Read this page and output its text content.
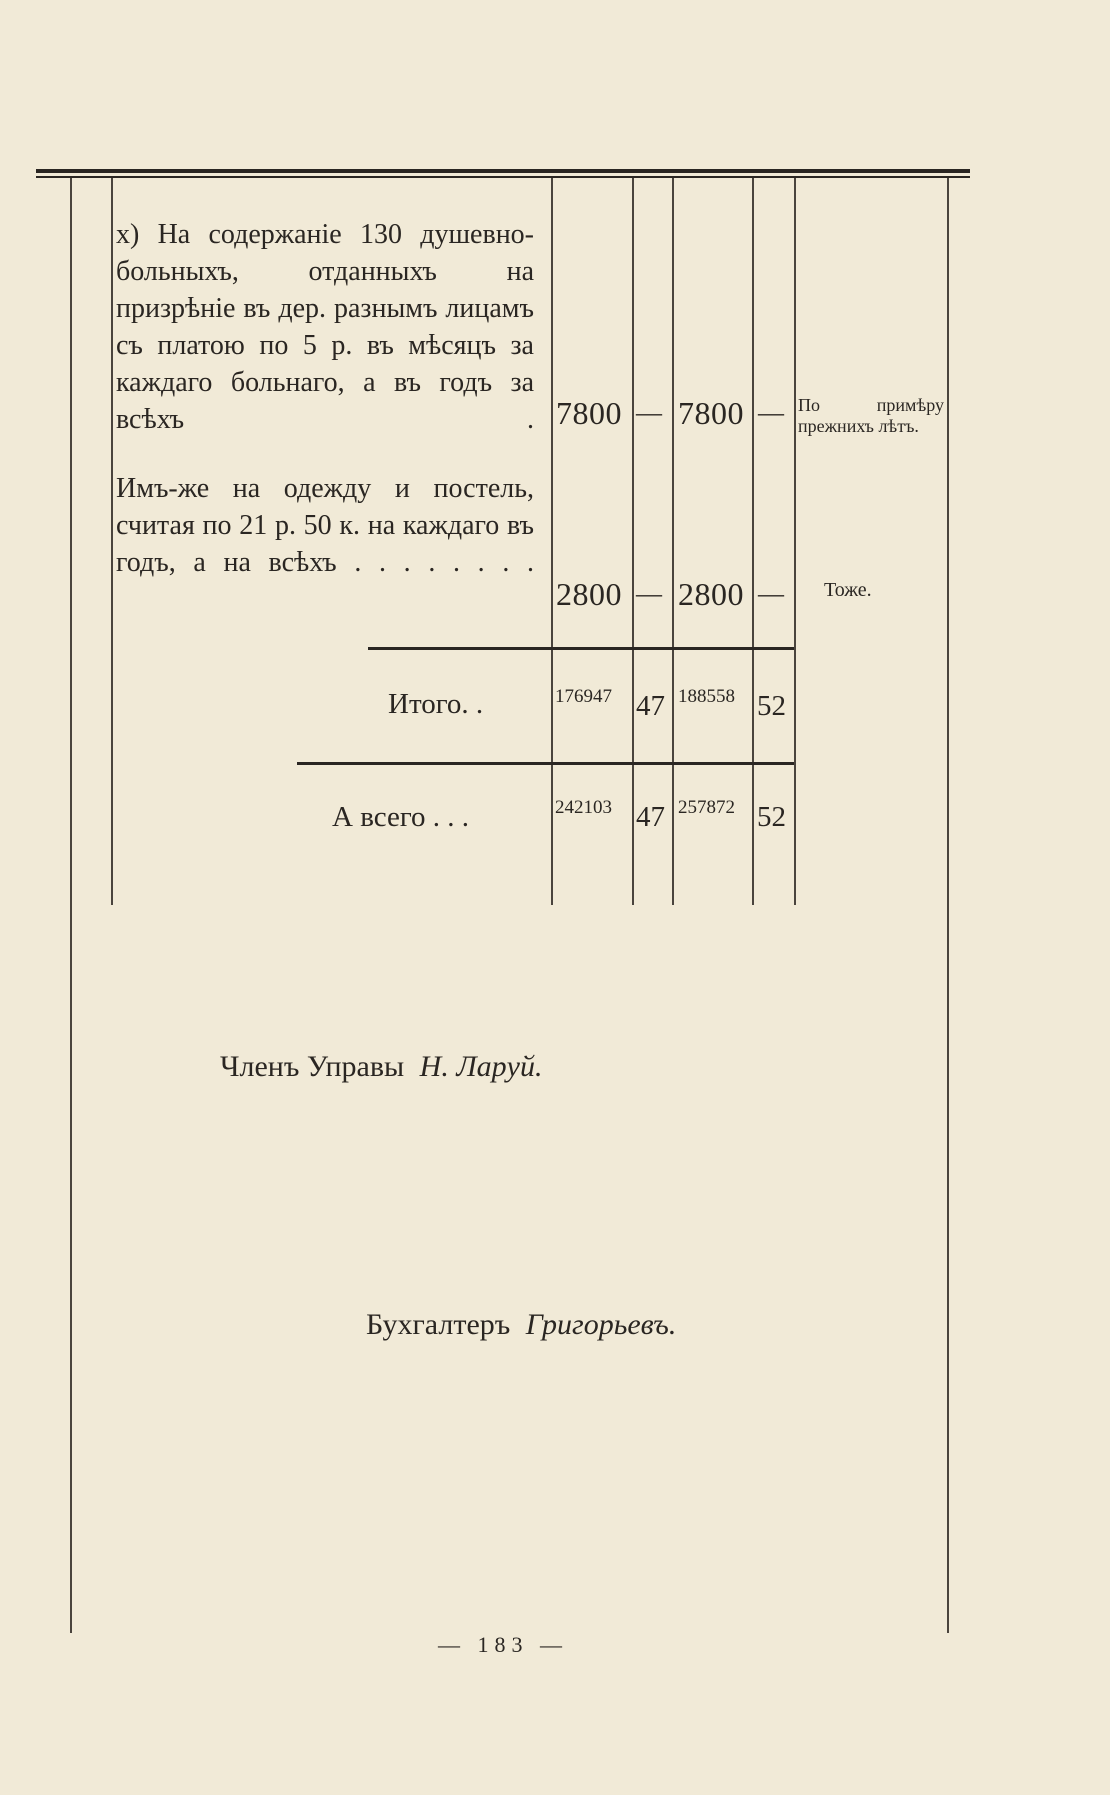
x) На содержаніе 130 душевно-больныхъ, отданныхъ на призрѣніе въ дер. разнымъ лицамъ съ платою по 5 р. въ мѣсяцъ за каждаго больнаго, а въ годъ за всѣхъ . 7800 — 7800 — По примѣру прежнихъ лѣтъ.
Имъ-же на одежду и постель, считая по 21 р. 50 к. на каждаго въ годъ, а на всѣхъ . . . . . . . .
2800 — 2800 — Тоже.
Итого. .	176947 47 188558 52
А всего . . .	242103 47 257872 52
Членъ Управы Н. Лаpуй.
Бухгалтеръ Григорьевъ.
— 183 —
